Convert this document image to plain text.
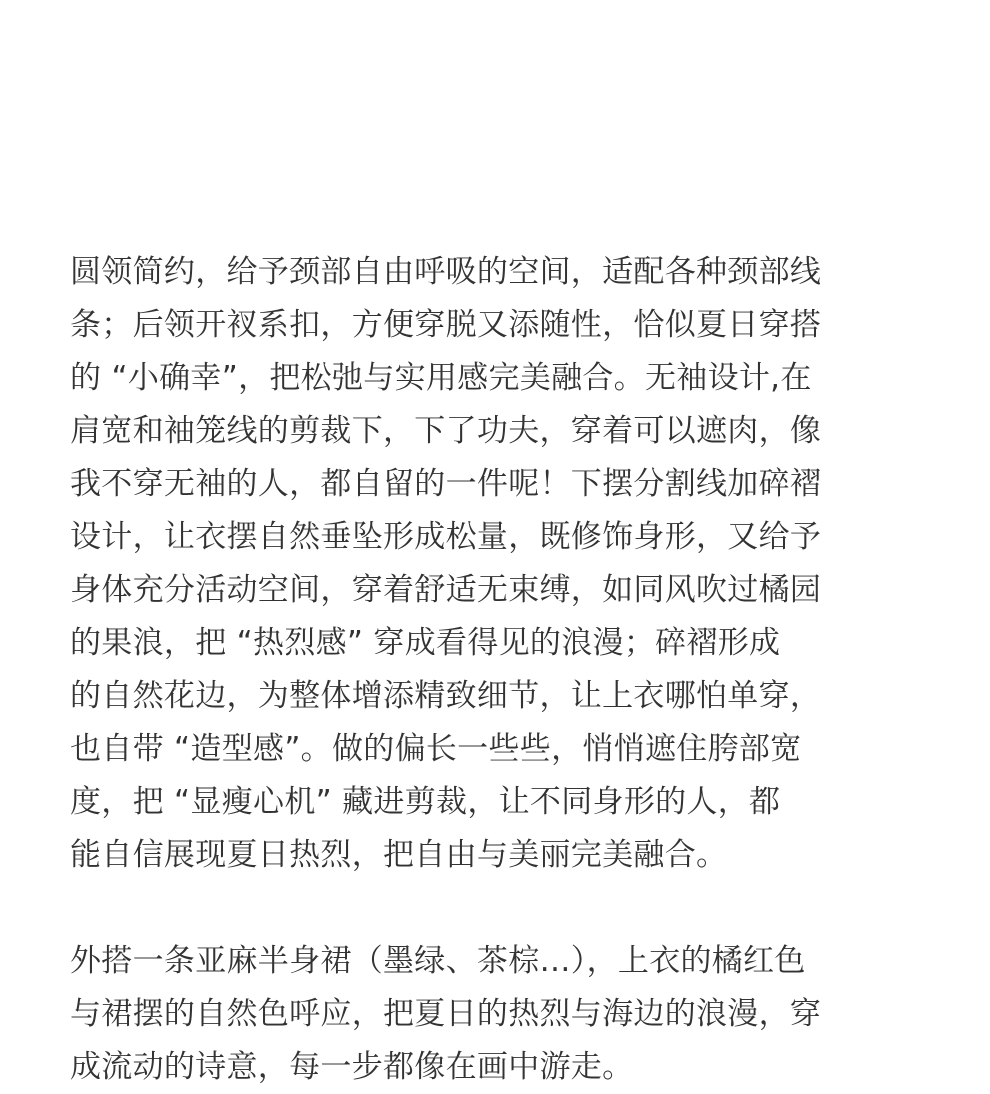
圆领简约，给予颈部自由呼吸的空间，适配各种颈部线
条；后领开衩系扣，方便穿脱又添随性，恰似夏日穿搭
的 “小确幸”，把松弛与实用感完美融合。无袖设计,在
肩宽和袖笼线的剪裁下，下了功夫，穿着可以遮肉，像
我不穿无袖的人，都自留的一件呢！下摆分割线加碎褶
设计，让衣摆自然垂坠形成松量，既修饰身形，又给予
身体充分活动空间，穿着舒适无束缚，如同风吹过橘园
的果浪，把 “热烈感” 穿成看得见的浪漫；碎褶形成
的自然花边，为整体增添精致细节，让上衣哪怕单穿，
也自带 “造型感”。做的偏长一些些，悄悄遮住胯部宽
度，把 “显瘦心机” 藏进剪裁，让不同身形的人，都
能自信展现夏日热烈，把自由与美丽完美融合。

外搭一条亚麻半身裙（墨绿、茶棕…），上衣的橘红色
与裙摆的自然色呼应，把夏日的热烈与海边的浪漫，穿
成流动的诗意，每一步都像在画中游走。
